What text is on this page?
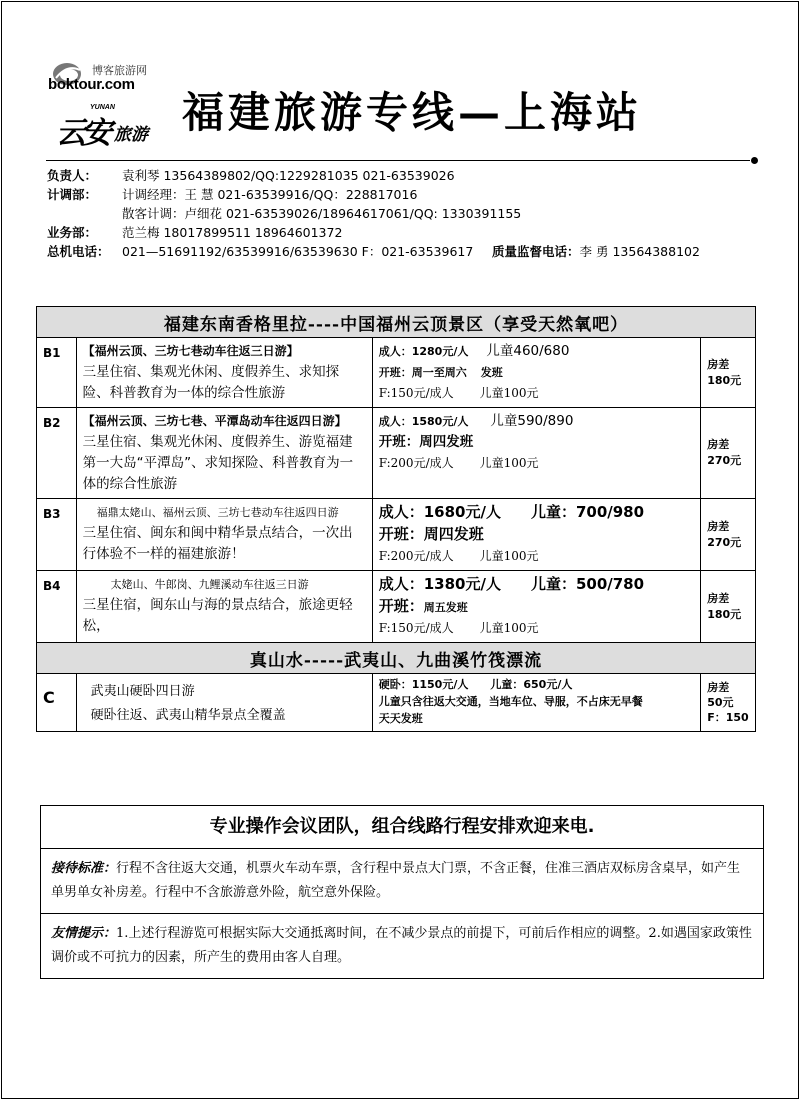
博客旅游网
boktour.com
YUNAN
云安 旅游 福建旅游专线—上海站
负责人： 袁利琴 13564389802/QQ:1229281035 021-63539026
计调部： 计调经理：王 慧 021-63539916/QQ：228817016
散客计调：卢细花 021-63539026/18964617061/QQ: 1330391155
业务部： 范兰梅 18017899511 18964601372
总机电话： 021—51691192/63539916/63539630 F：021-63539617 质量监督电话：李 勇 13564388102
福建东南香格里拉----中国福州云顶景区（享受天然氧吧）			
B1	【福州云顶、三坊七巷动车往返三日游】
三星住宿、集观光休闲、度假养生、求知探险、科普教育为一体的综合性旅游	成人：1280元/人 儿童460/680
开班：周一至周六 发班
F:150元/成人 儿童100元	房差 180元
B2	【福州云顶、三坊七巷、平潭岛动车往返四日游】
三星住宿、集观光休闲、度假养生、游览福建第一大岛“平潭岛”、求知探险、科普教育为一体的综合性旅游	成人：1580元/人 儿童590/890
开班：周四发班
F:200元/成人 儿童100元	房差 270元
B3	福鼎太姥山、福州云顶、三坊七巷动车往返四日游
三星住宿、闽东和闽中精华景点结合，一次出行体验不一样的福建旅游！	成人：1680元/人 儿童：700/980
开班：周四发班
F:200元/成人 儿童100元	房差 270元
B4	太姥山、牛郎岗、九鲤溪动车往返三日游
三星住宿，闽东山与海的景点结合，旅途更轻松，	成人：1380元/人 儿童：500/780
开班：周五发班
F:150元/成人 儿童100元	房差 180元
真山水-----武夷山、九曲溪竹筏漂流			
C	武夷山硬卧四日游
硬卧往返、武夷山精华景点全覆盖	硬卧：1150元/人 儿童：650元/人
儿童只含往返大交通，当地车位、导服，不占床无早餐
天天发班	房差
50元
F：150
专业操作会议团队，组合线路行程安排欢迎来电.
接待标准：行程不含往返大交通，机票火车动车票，含行程中景点大门票，不含正餐，住准三酒店双标房含桌早，如产生单男单女补房差。行程中不含旅游意外险，航空意外保险。
友情提示：1.上述行程游览可根据实际大交通抵离时间，在不减少景点的前提下，可前后作相应的调整。2.如遇国家政策性调价或不可抗力的因素，所产生的费用由客人自理。
